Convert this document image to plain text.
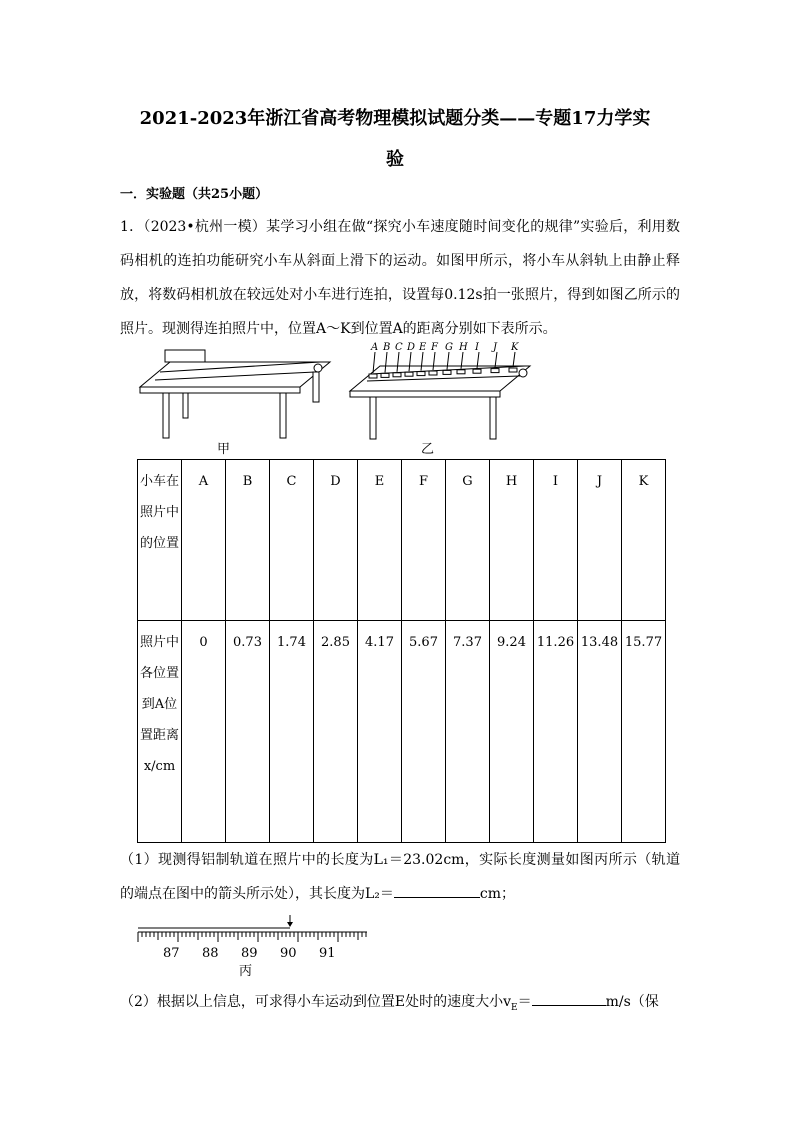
2021-2023年浙江省高考物理模拟试题分类——专题17力学实
验
一．实验题（共25小题）
1．（2023•杭州一模）某学习小组在做“探究小车速度随时间变化的规律”实验后，利用数码相机的连拍功能研究小车从斜面上滑下的运动。如图甲所示，将小车从斜轨上由静止释放，将数码相机放在较远处对小车进行连拍，设置每0.12s拍一张照片，得到如图乙所示的照片。现测得连拍照片中，位置A～K到位置A的距离分别如下表所示。
甲
A B C D E F G H I J K
乙
小车在照片中的位置	A	B	C	D	E	F	G	H	I	J	K
照片中各位置到A位置距离x/cm	0	0.73	1.74	2.85	4.17	5.67	7.37	9.24	11.26	13.48	15.77
（1）现测得铝制轨道在照片中的长度为L₁＝23.02cm，实际长度测量如图丙所示（轨道的端点在图中的箭头所示处），其长度为L₂＝	cm；
87 88 89 90 91
丙
（2）根据以上信息，可求得小车运动到位置E处时的速度大小$v_E=$	m/s（保
